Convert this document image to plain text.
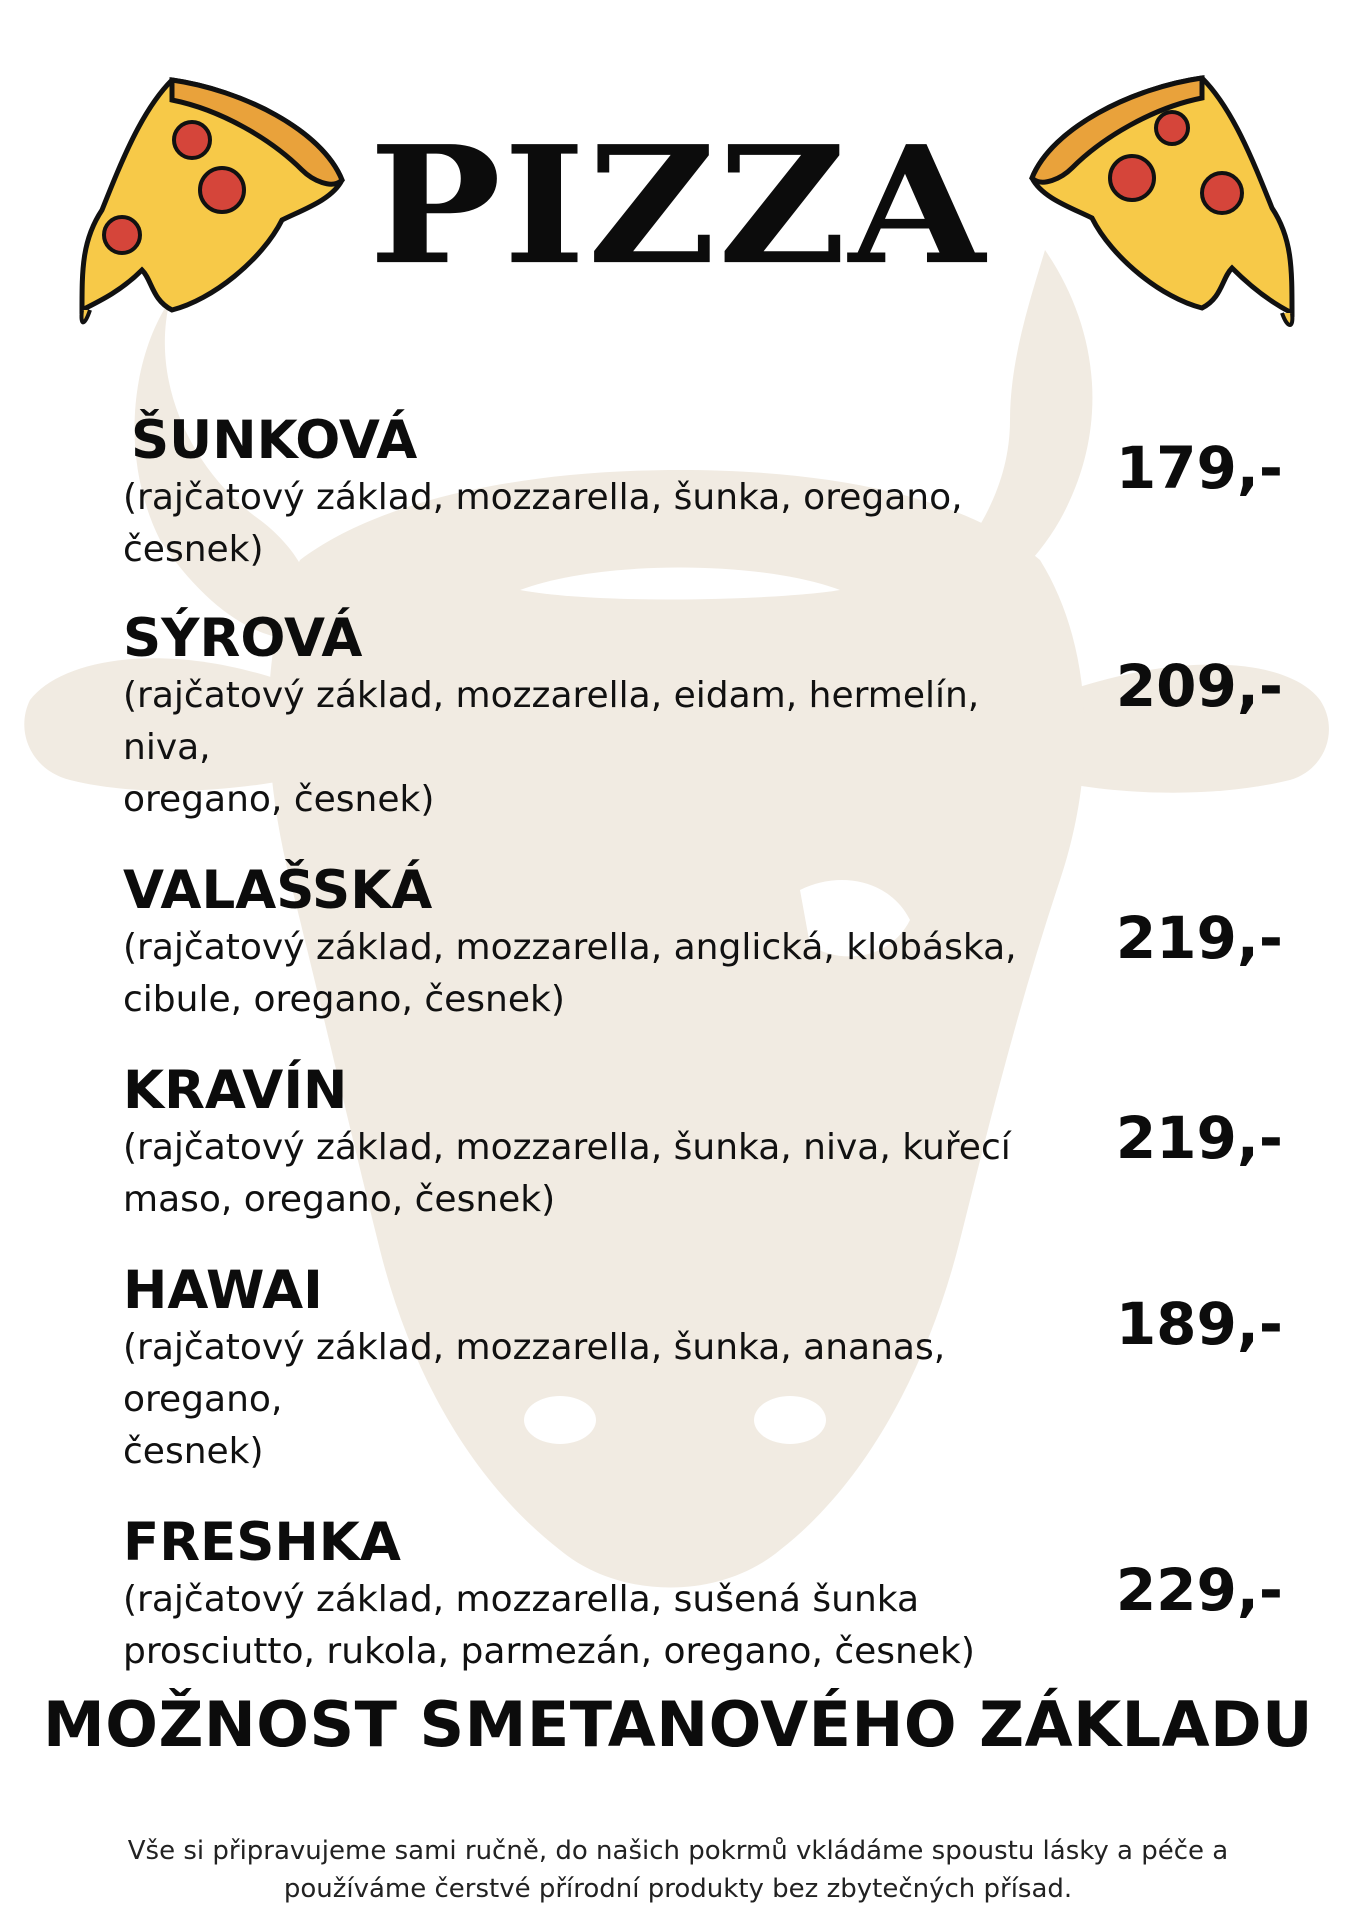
PIZZA
ŠUNKOVÁ
(rajčatový základ, mozzarella, šunka, oregano, česnek)
179,-
SÝROVÁ
(rajčatový základ, mozzarella, eidam, hermelín, niva,
oregano, česnek)
209,-
VALAŠSKÁ
(rajčatový základ, mozzarella, anglická, klobáska,
cibule, oregano, česnek)
219,-
KRAVÍN
(rajčatový základ, mozzarella, šunka, niva, kuřecí
maso, oregano, česnek)
219,-
HAWAI
(rajčatový základ, mozzarella, šunka, ananas, oregano,
česnek)
189,-
FRESHKA
(rajčatový základ, mozzarella, sušená šunka
prosciutto, rukola, parmezán, oregano, česnek)
229,-
MOŽNOST SMETANOVÉHO ZÁKLADU
Vše si připravujeme sami ručně, do našich pokrmů vkládáme spoustu lásky a péče a
používáme čerstvé přírodní produkty bez zbytečných přísad.
